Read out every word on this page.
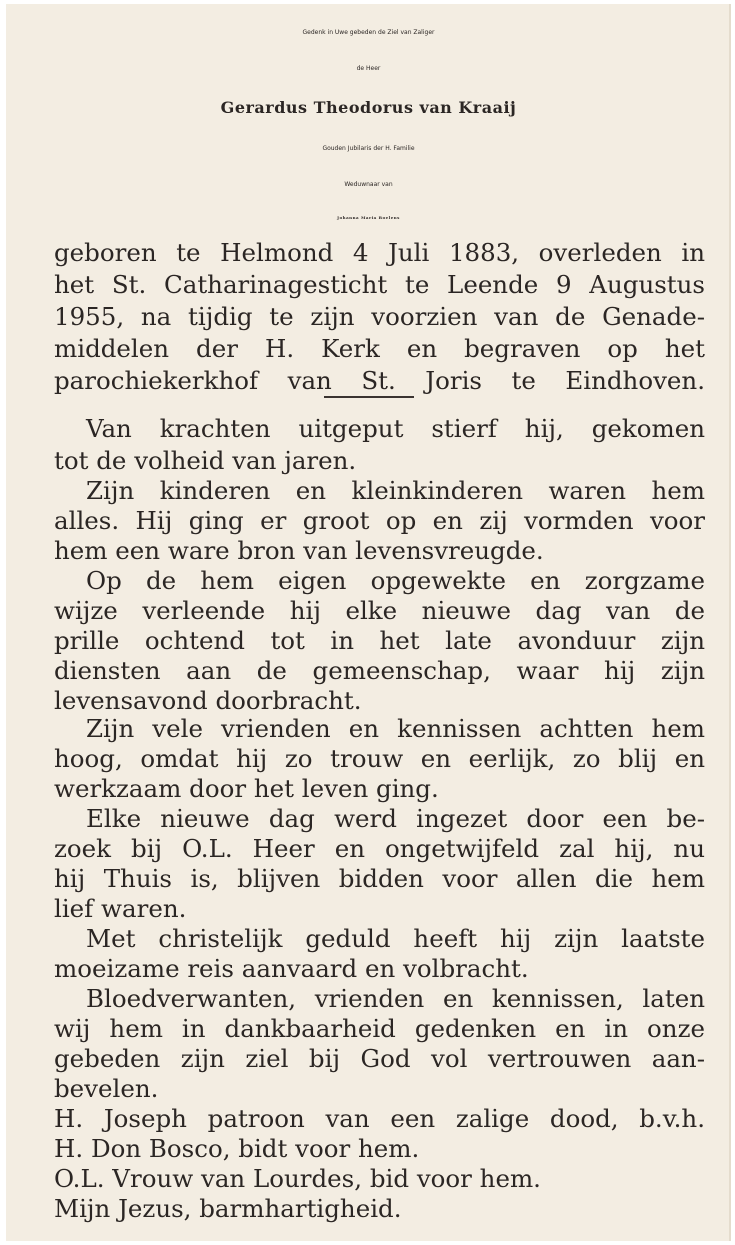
Gedenk in Uwe gebeden de Ziel van Zaliger
de Heer
Gerardus Theodorus van Kraaij
Gouden Jubilaris der H. Familie
Weduwnaar van
Johanna Maria Boelens
geboren te Helmond 4 Juli 1883, overleden in
het St. Catharinagesticht te Leende 9 Augustus
1955, na tijdig te zijn voorzien van de Genade-
middelen der H. Kerk en begraven op het
parochiekerkhof van St. Joris te Eindhoven.
Van krachten uitgeput stierf hij, gekomen
tot de volheid van jaren.
Zijn kinderen en kleinkinderen waren hem
alles. Hij ging er groot op en zij vormden voor
hem een ware bron van levensvreugde.
Op de hem eigen opgewekte en zorgzame
wijze verleende hij elke nieuwe dag van de
prille ochtend tot in het late avonduur zijn
diensten aan de gemeenschap, waar hij zijn
levensavond doorbracht.
Zijn vele vrienden en kennissen achtten hem
hoog, omdat hij zo trouw en eerlijk, zo blij en
werkzaam door het leven ging.
Elke nieuwe dag werd ingezet door een be-
zoek bij O.L. Heer en ongetwijfeld zal hij, nu
hij Thuis is, blijven bidden voor allen die hem
lief waren.
Met christelijk geduld heeft hij zijn laatste
moeizame reis aanvaard en volbracht.
Bloedverwanten, vrienden en kennissen, laten
wij hem in dankbaarheid gedenken en in onze
gebeden zijn ziel bij God vol vertrouwen aan-
bevelen.
H. Joseph patroon van een zalige dood, b.v.h.
H. Don Bosco, bidt voor hem.
O.L. Vrouw van Lourdes, bid voor hem.
Mijn Jezus, barmhartigheid.
